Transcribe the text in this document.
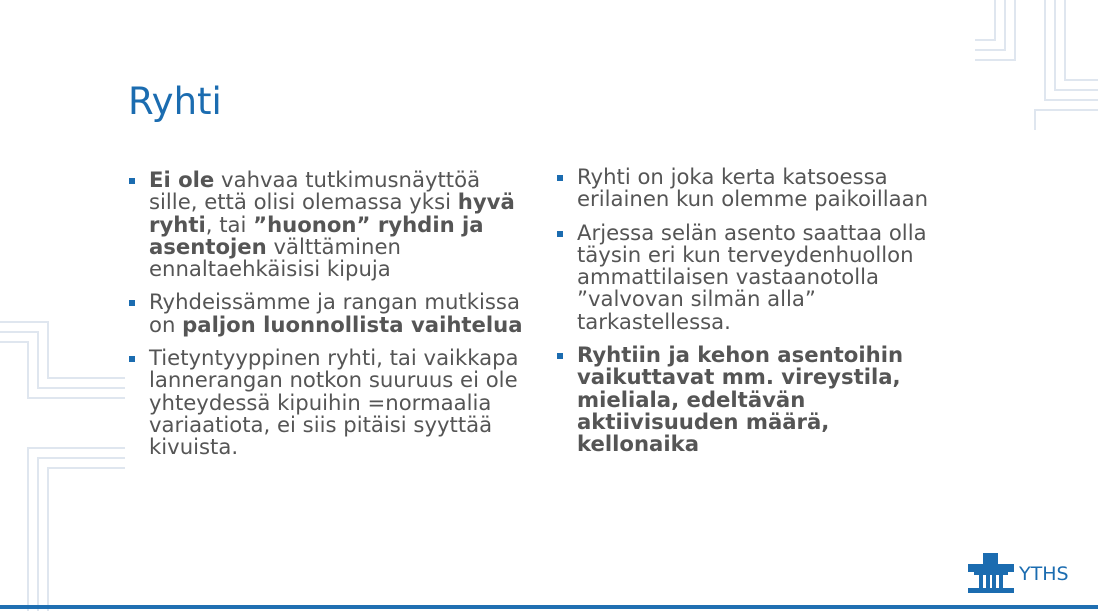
Ryhti
Ei ole vahvaa tutkimusnäyttöä sille, että olisi olemassa yksi hyvä ryhti, tai ”huonon” ryhdin ja asentojen välttäminen ennaltaehkäisisi kipuja
Ryhdeissämme ja rangan mutkissa on paljon luonnollista vaihtelua
Tietyntyyppinen ryhti, tai vaikkapa lannerangan notkon suuruus ei ole yhteydessä kipuihin =normaalia variaatiota, ei siis pitäisi syyttää kivuista.
Ryhti on joka kerta katsoessa erilainen kun olemme paikoillaan
Arjessa selän asento saattaa olla täysin eri kun terveydenhuollon ammattilaisen vastaanotolla ”valvovan silmän alla” tarkastellessa.
Ryhtiin ja kehon asentoihin vaikuttavat mm. vireystila, mieliala, edeltävän aktiivisuuden määrä, kellonaika
YTHS
